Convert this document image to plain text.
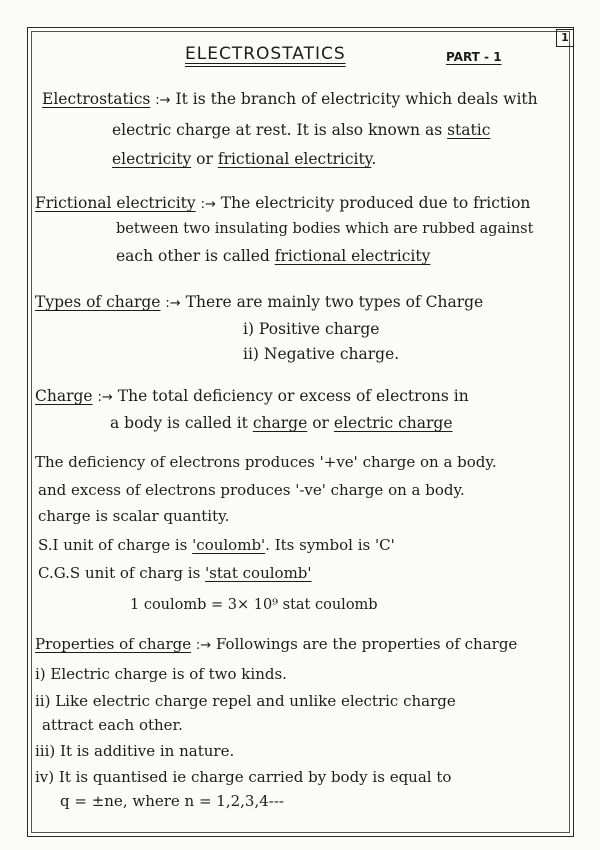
1
ELECTROSTATICS	PART - 1
Electrostatics :→ It is the branch of electricity which deals with
electric charge at rest. It is also known as static
electricity or frictional electricity.
Frictional electricity :→ The electricity produced due to friction
between two insulating bodies which are rubbed against
each other is called frictional electricity
Types of charge :→ There are mainly two types of Charge
i) Positive charge
ii) Negative charge.
Charge :→ The total deficiency or excess of electrons in
a body is called it charge or electric charge
The deficiency of electrons produces '+ve' charge on a body.
and excess of electrons produces '-ve' charge on a body.
charge is scalar quantity.
S.I unit of charge is 'coulomb'. Its symbol is 'C'
C.G.S unit of charg is 'stat coulomb'
1 coulomb = 3× 10⁹ stat coulomb
Properties of charge :→ Followings are the properties of charge
i) Electric charge is of two kinds.
ii) Like electric charge repel and unlike electric charge
attract each other.
iii) It is additive in nature.
iv) It is quantised ie charge carried by body is equal to
q = ±ne, where n = 1,2,3,4---
